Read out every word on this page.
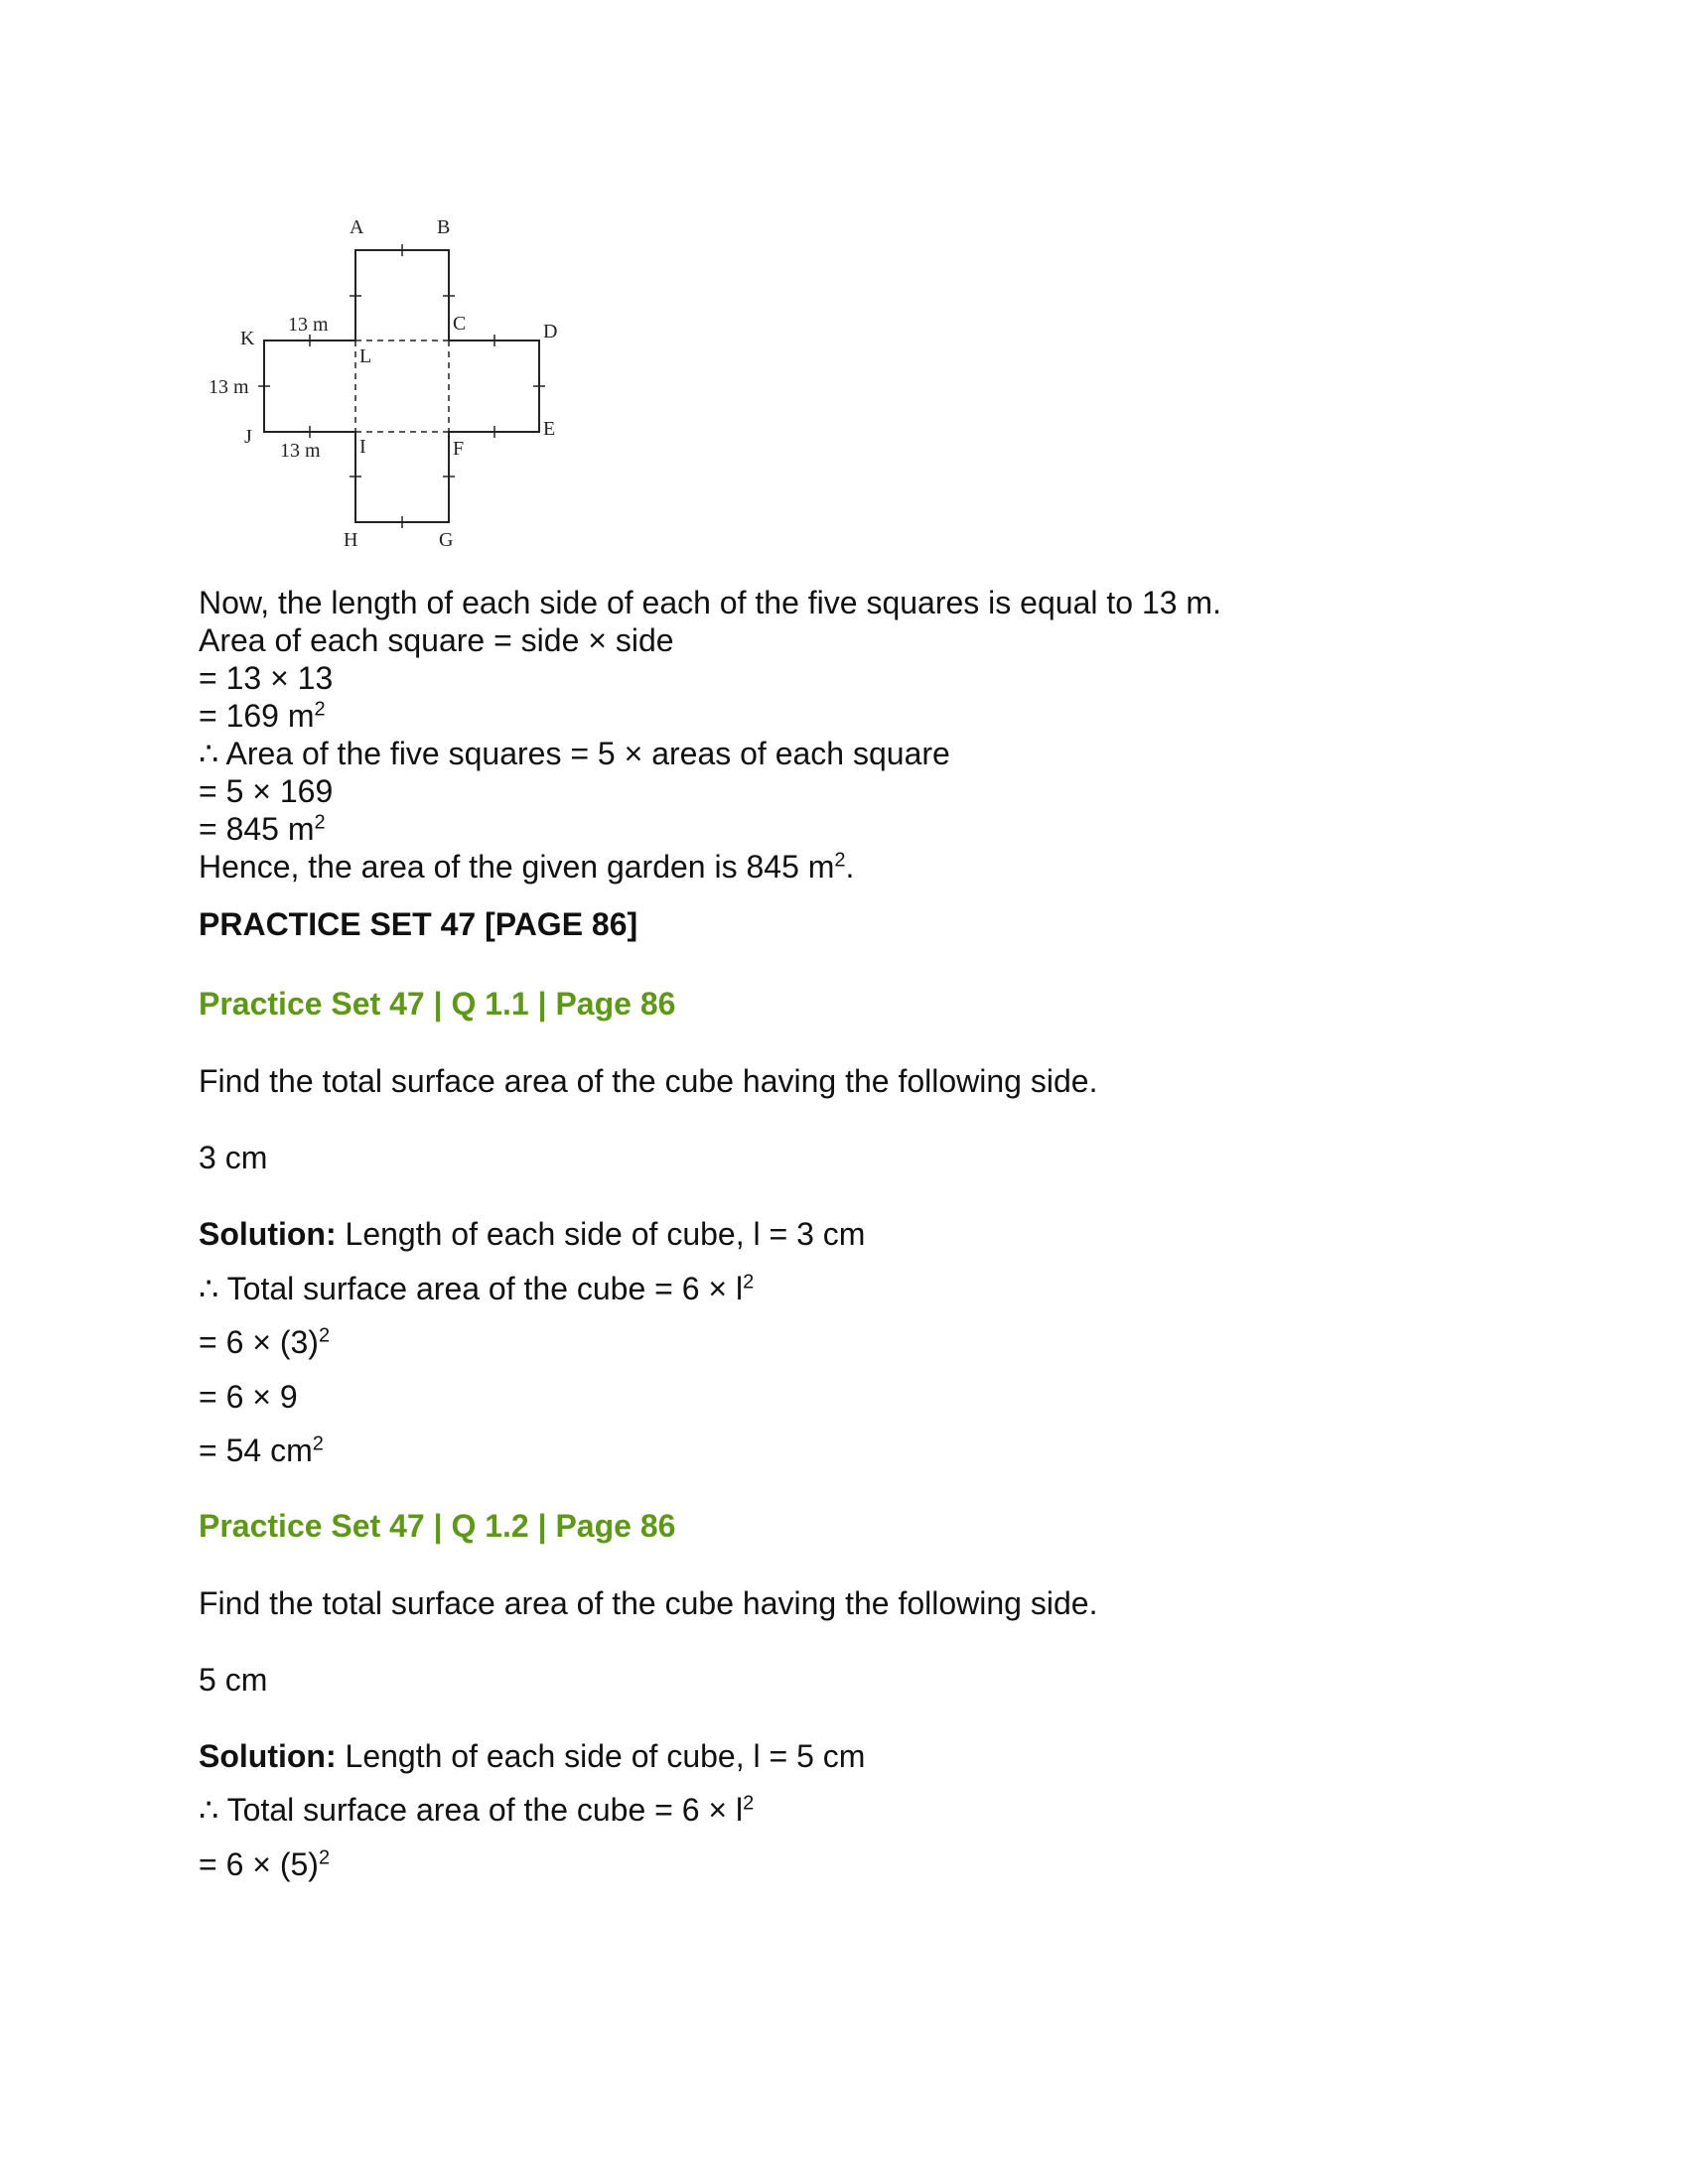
A	B
C	D
E
F
G
H
I
J
K
L
13 m
13 m
13 m

Now, the length of each side of each of the five squares is equal to 13 m.

Area of each square = side × side

= 13 × 13

= 169 $m^2$

∴ Area of the five squares = 5 × areas of each square

= 5 × 169

= 845 $m^2$

Hence, the area of the given garden is 845 $m^2$.

PRACTICE SET 47 [PAGE 86]

Practice Set 47 | Q 1.1 | Page 86

Find the total surface area of the cube having the following side.

3 cm

Solution: Length of each side of cube, l = 3 cm

∴ Total surface area of the cube = $6 \times l^2$

= $6 \times (3)^2$

= 6 × 9

= 54 $cm^2$

Practice Set 47 | Q 1.2 | Page 86

Find the total surface area of the cube having the following side.

5 cm

Solution: Length of each side of cube, l = 5 cm

∴ Total surface area of the cube = $6 \times l^2$

= $6 \times (5)^2$
